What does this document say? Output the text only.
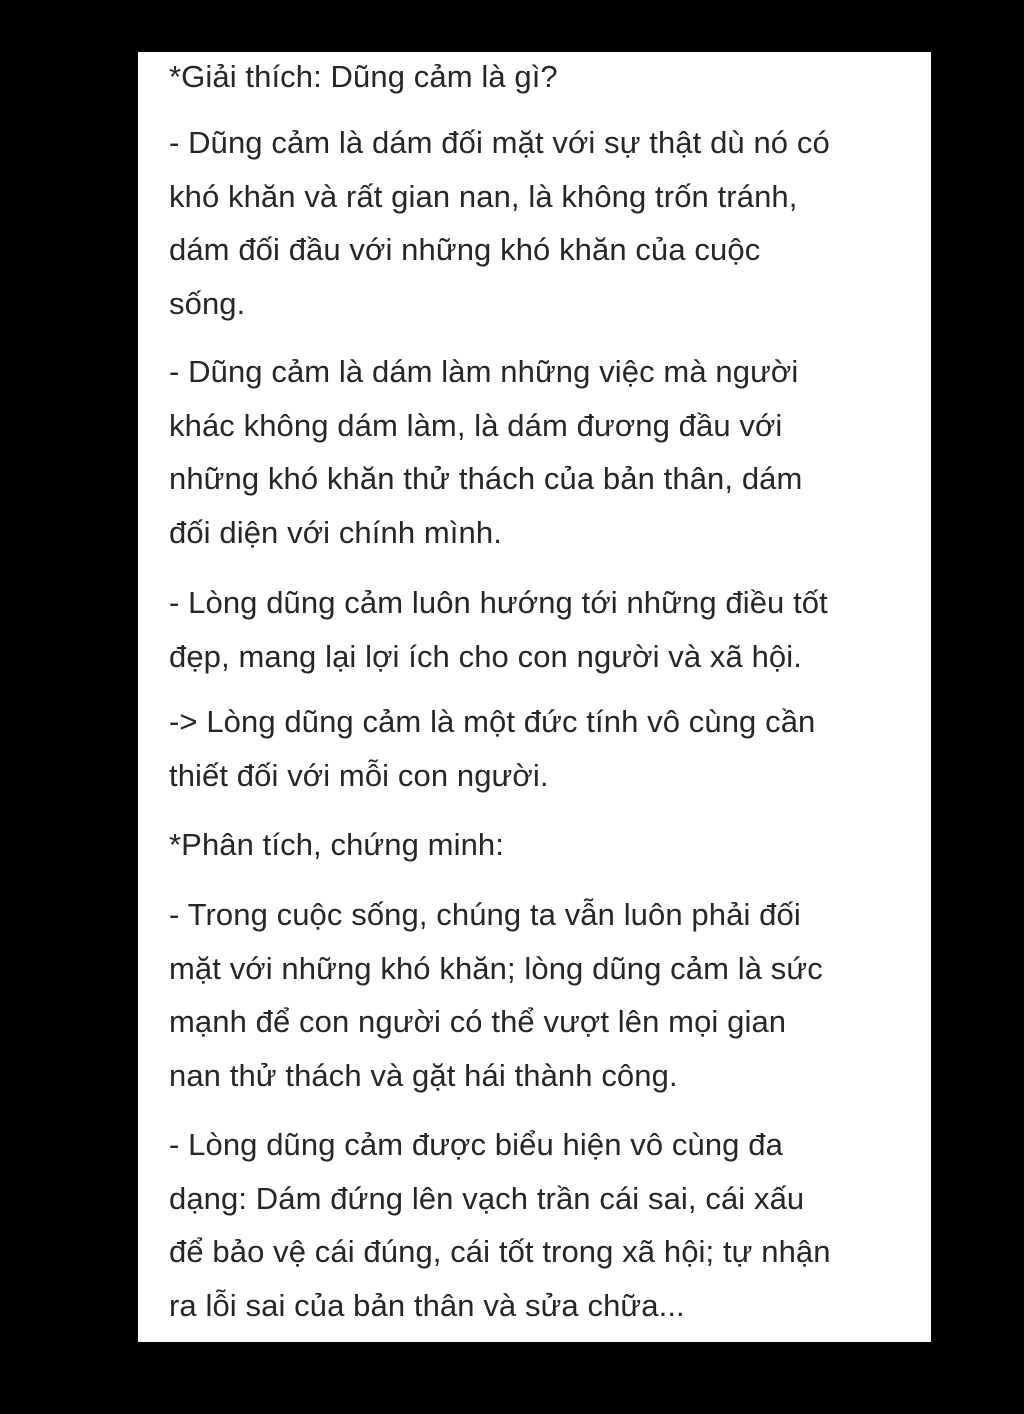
*Giải thích: Dũng cảm là gì?

- Dũng cảm là dám đối mặt với sự thật dù nó có
khó khăn và rất gian nan, là không trốn tránh,
dám đối đầu với những khó khăn của cuộc
sống.

- Dũng cảm là dám làm những việc mà người
khác không dám làm, là dám đương đầu với
những khó khăn thử thách của bản thân, dám
đối diện với chính mình.

- Lòng dũng cảm luôn hướng tới những điều tốt
đẹp, mang lại lợi ích cho con người và xã hội.

-> Lòng dũng cảm là một đức tính vô cùng cần
thiết đối với mỗi con người.

*Phân tích, chứng minh:

- Trong cuộc sống, chúng ta vẫn luôn phải đối
mặt với những khó khăn; lòng dũng cảm là sức
mạnh để con người có thể vượt lên mọi gian
nan thử thách và gặt hái thành công.

- Lòng dũng cảm được biểu hiện vô cùng đa
dạng: Dám đứng lên vạch trần cái sai, cái xấu
để bảo vệ cái đúng, cái tốt trong xã hội; tự nhận
ra lỗi sai của bản thân và sửa chữa...
